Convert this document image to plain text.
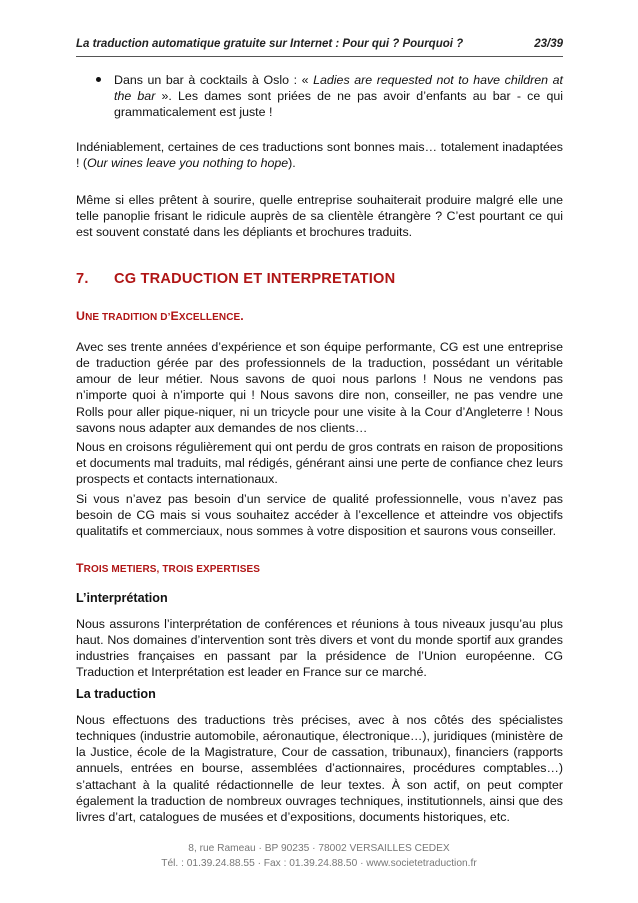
La traduction automatique gratuite sur Internet : Pour qui ? Pourquoi ?	23/39
Dans un bar à cocktails à Oslo : « Ladies are requested not to have children at the bar ». Les dames sont priées de ne pas avoir d’enfants au bar - ce qui grammaticalement est juste !

Indéniablement, certaines de ces traductions sont bonnes mais… totalement inadaptées ! (Our wines leave you nothing to hope).

Même si elles prêtent à sourire, quelle entreprise souhaiterait produire malgré elle une telle panoplie frisant le ridicule auprès de sa clientèle étrangère ? C’est pourtant ce qui est souvent constaté dans les dépliants et brochures traduits.

7.	CG TRADUCTION ET INTERPRETATION

UNE TRADITION D’EXCELLENCE.

Avec ses trente années d’expérience et son équipe performante, CG est une entreprise de traduction gérée par des professionnels de la traduction, possédant un véritable amour de leur métier. Nous savons de quoi nous parlons ! Nous ne vendons pas n’importe quoi à n’importe qui ! Nous savons dire non, conseiller, ne pas vendre une Rolls pour aller pique-niquer, ni un tricycle pour une visite à la Cour d’Angleterre ! Nous savons nous adapter aux demandes de nos clients…

Nous en croisons régulièrement qui ont perdu de gros contrats en raison de propositions et documents mal traduits, mal rédigés, générant ainsi une perte de confiance chez leurs prospects et contacts internationaux.

Si vous n’avez pas besoin d’un service de qualité professionnelle, vous n’avez pas besoin de CG mais si vous souhaitez accéder à l’excellence et atteindre vos objectifs qualitatifs et commerciaux, nous sommes à votre disposition et saurons vous conseiller.

TROIS METIERS, TROIS EXPERTISES

L’interprétation

Nous assurons l’interprétation de conférences et réunions à tous niveaux jusqu’au plus haut. Nos domaines d’intervention sont très divers et vont du monde sportif aux grandes industries françaises en passant par la présidence de l’Union européenne. CG Traduction et Interprétation est leader en France sur ce marché.

La traduction

Nous effectuons des traductions très précises, avec à nos côtés des spécialistes techniques (industrie automobile, aéronautique, électronique…), juridiques (ministère de la Justice, école de la Magistrature, Cour de cassation, tribunaux), financiers (rapports annuels, entrées en bourse, assemblées d’actionnaires, procédures comptables…) s’attachant à la qualité rédactionnelle de leur textes. À son actif, on peut compter également la traduction de nombreux ouvrages techniques, institutionnels, ainsi que des livres d’art, catalogues de musées et d’expositions, documents historiques, etc.

8, rue Rameau · BP 90235 · 78002 VERSAILLES CEDEX
Tél. : 01.39.24.88.55 · Fax : 01.39.24.88.50 · www.societetraduction.fr
